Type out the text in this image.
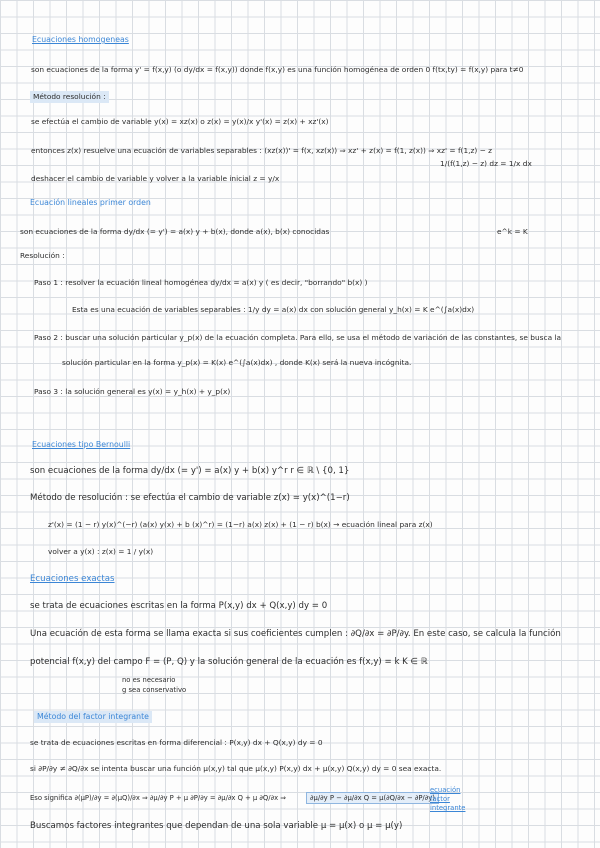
Ecuaciones homogeneas
son ecuaciones de la forma y' = f(x,y) (o dy/dx = f(x,y)) donde f(x,y) es una función homogénea de orden 0 f(tx,ty) = f(x,y) para t≠0
Método resolución :
se efectúa el cambio de variable y(x) = xz(x) o z(x) = y(x)/x y'(x) = z(x) + xz'(x)
entonces z(x) resuelve una ecuación de variables separables : (xz(x))' = f(x, xz(x)) ⇒ xz' + z(x) = f(1, z(x)) ⇒ xz' = f(1,z) − z
1/(f(1,z) − z) dz = 1/x dx
deshacer el cambio de variable y volver a la variable inicial z = y/x
Ecuación lineales primer orden
son ecuaciones de la forma dy/dx (= y') = a(x) y + b(x), donde a(x), b(x) conocidas	e^k = K
Resolución :
Paso 1 : resolver la ecuación lineal homogénea dy/dx = a(x) y ( es decir, "borrando" b(x) )
Esta es una ecuación de variables separables : 1/y dy = a(x) dx con solución general y_h(x) = K e^(∫a(x)dx)
Paso 2 : buscar una solución particular y_p(x) de la ecuación completa. Para ello, se usa el método de variación de las constantes, se busca la
solución particular en la forma y_p(x) = K(x) e^(∫a(x)dx) , donde K(x) será la nueva incógnita.
Paso 3 : la solución general es y(x) = y_h(x) + y_p(x)
Ecuaciones tipo Bernoulli
son ecuaciones de la forma dy/dx (= y') = a(x) y + b(x) y^r r ∈ ℝ \ {0, 1}
Método de resolución : se efectúa el cambio de variable z(x) = y(x)^(1−r)
z'(x) = (1 − r) y(x)^(−r) (a(x) y(x) + b (x)^r) = (1−r) a(x) z(x) + (1 − r) b(x) → ecuación lineal para z(x)
volver a y(x) : z(x) = 1 / y(x)
Ecuaciones exactas
se trata de ecuaciones escritas en la forma P(x,y) dx + Q(x,y) dy = 0
Una ecuación de esta forma se llama exacta si sus coeficientes cumplen : ∂Q/∂x = ∂P/∂y. En este caso, se calcula la función
potencial f(x,y) del campo F = (P, Q) y la solución general de la ecuación es f(x,y) = k K ∈ ℝ
no es necesario
g sea conservativo
Método del factor integrante
se trata de ecuaciones escritas en forma diferencial : P(x,y) dx + Q(x,y) dy = 0
si ∂P/∂y ≠ ∂Q/∂x se intenta buscar una función μ(x,y) tal que μ(x,y) P(x,y) dx + μ(x,y) Q(x,y) dy = 0 sea exacta.
Eso significa ∂(μP)/∂y = ∂(μQ)/∂x ⇒ ∂μ/∂y P + μ ∂P/∂y = ∂μ/∂x Q + μ ∂Q/∂x ⇒	∂μ/∂y P − ∂μ/∂x Q = μ(∂Q/∂x − ∂P/∂y)
ecuación factor integrante
Buscamos factores integrantes que dependan de una sola variable μ = μ(x) o μ = μ(y)
